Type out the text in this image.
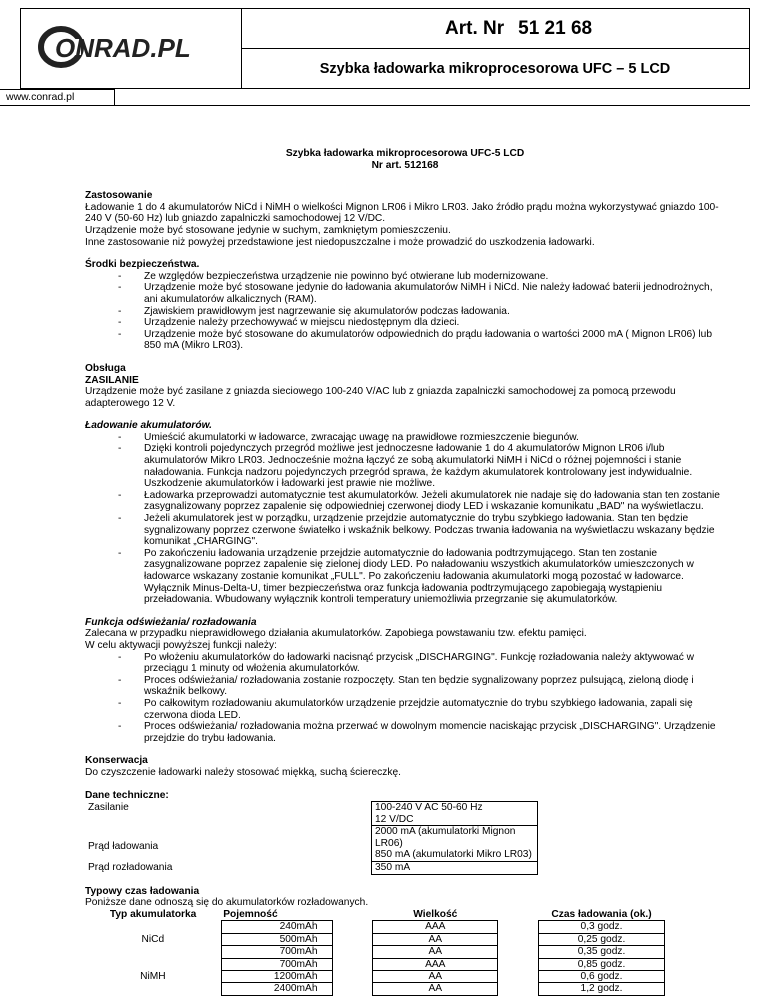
ONRAD.PL
Art. Nr 51 21 68
Szybka ładowarka mikroprocesorowa UFC – 5 LCD
www.conrad.pl
Szybka ładowarka mikroprocesorowa UFC-5 LCD
Nr art. 512168
Zastosowanie
Ładowanie 1 do 4 akumulatorów NiCd i NiMH o wielkości Mignon LR06 i Mikro LR03. Jako źródło prądu można wykorzystywać gniazdo 100-240 V (50-60 Hz) lub gniazdo zapalniczki samochodowej 12 V/DC.
Urządzenie może być stosowane jedynie w suchym, zamkniętym pomieszczeniu.
Inne zastosowanie niż powyżej przedstawione jest niedopuszczalne i może prowadzić do uszkodzenia ładowarki.
Środki bezpieczeństwa.
- Ze względów bezpieczeństwa urządzenie nie powinno być otwierane lub modernizowane.
- Urządzenie może być stosowane jedynie do ładowania akumulatorów NiMH i NiCd. Nie należy ładować baterii jednodrożnych, ani akumulatorów alkalicznych (RAM).
- Zjawiskiem prawidłowym jest nagrzewanie się akumulatorów podczas ładowania.
- Urządzenie należy przechowywać w miejscu niedostępnym dla dzieci.
- Urządzenie może być stosowane do akumulatorów odpowiednich do prądu ładowania o wartości 2000 mA ( Mignon LR06) lub 850 mA (Mikro LR03).
Obsługa
ZASILANIE
Urządzenie może być zasilane z gniazda sieciowego 100-240 V/AC lub z gniazda zapalniczki samochodowej za pomocą przewodu adapterowego 12 V.
Ładowanie akumulatorów.
- Umieścić akumulatorki w ładowarce, zwracając uwagę na prawidłowe rozmieszczenie biegunów.
- Dzięki kontroli pojedynczych przegród możliwe jest jednoczesne ładowanie 1 do 4 akumulatorów Mignon LR06 i/lub akumulatorów Mikro LR03. Jednocześnie można łączyć ze sobą akumulatorki NiMH i NiCd o różnej pojemności i stanie naładowania. Funkcja nadzoru pojedynczych przegród sprawa, że każdym akumulatorek kontrolowany jest indywidualnie. Uszkodzenie akumulatorków i ładowarki jest prawie nie możliwe.
- Ładowarka przeprowadzi automatycznie test akumulatorków. Jeżeli akumulatorek nie nadaje się do ładowania stan ten zostanie zasygnalizowany poprzez zapalenie się odpowiedniej czerwonej diody LED i wskazanie komunikatu „BAD" na wyświetlaczu.
- Jeżeli akumulatorek jest w porządku, urządzenie przejdzie automatycznie do trybu szybkiego ładowania. Stan ten będzie sygnalizowany poprzez czerwone światełko i wskaźnik belkowy. Podczas trwania ładowania na wyświetlaczu wskazany będzie komunikat „CHARGING".
- Po zakończeniu ładowania urządzenie przejdzie automatycznie do ładowania podtrzymującego. Stan ten zostanie zasygnalizowane poprzez zapalenie się zielonej diody LED. Po naładowaniu wszystkich akumulatorków umieszczonych w ładowarce wskazany zostanie komunikat „FULL". Po zakończeniu ładowania akumulatorki mogą pozostać w ładowarce. Wyłącznik Minus-Delta-U, timer bezpieczeństwa oraz funkcja ładowania podtrzymującego zapobiegają wystąpieniu przeładowania. Wbudowany wyłącznik kontroli temperatury uniemożliwia przegrzanie się akumulatorków.
Funkcja odświeżania/ rozładowania
Zalecana w przypadku nieprawidłowego działania akumulatorków. Zapobiega powstawaniu tzw. efektu pamięci.
W celu aktywacji powyższej funkcji należy:
- Po włożeniu akumulatorków do ładowarki nacisnąć przycisk „DISCHARGING". Funkcję rozładowania należy aktywować w przeciągu 1 minuty od włożenia akumulatorków.
- Proces odświeżania/ rozładowania zostanie rozpoczęty. Stan ten będzie sygnalizowany poprzez pulsującą, zieloną diodę i wskaźnik belkowy.
- Po całkowitym rozładowaniu akumulatorków urządzenie przejdzie automatycznie do trybu szybkiego ładowania, zapali się czerwona dioda LED.
- Proces odświeżania/ rozładowania można przerwać w dowolnym momencie naciskając przycisk „DISCHARGING". Urządzenie przejdzie do trybu ładowania.
Konserwacja
Do czyszczenie ładowarki należy stosować miękką, suchą ściereczkę.
Dane techniczne:
Zasilanie	100-240 V AC 50-60 Hz
12 V/DC

Prąd ładowania	2000 mA (akumulatorki Mignon LR06)
850 mA (akumulatorki Mikro LR03)

Prąd rozładowania	350 mA
Typowy czas ładowania
Poniższe dane odnoszą się do akumulatorków rozładowanych.
Typ akumulatorka	Pojemność		Wielkość		Czas ładowania (ok.)
NiCd	240mAh		AAA		0,3 godz.
	500mAh		AA		0,25 godz.
	700mAh		AA		0,35 godz.
NiMH	700mAh		AAA		0,85 godz.
	1200mAh		AA		0,6 godz.
	2400mAh		AA		1,2 godz.
